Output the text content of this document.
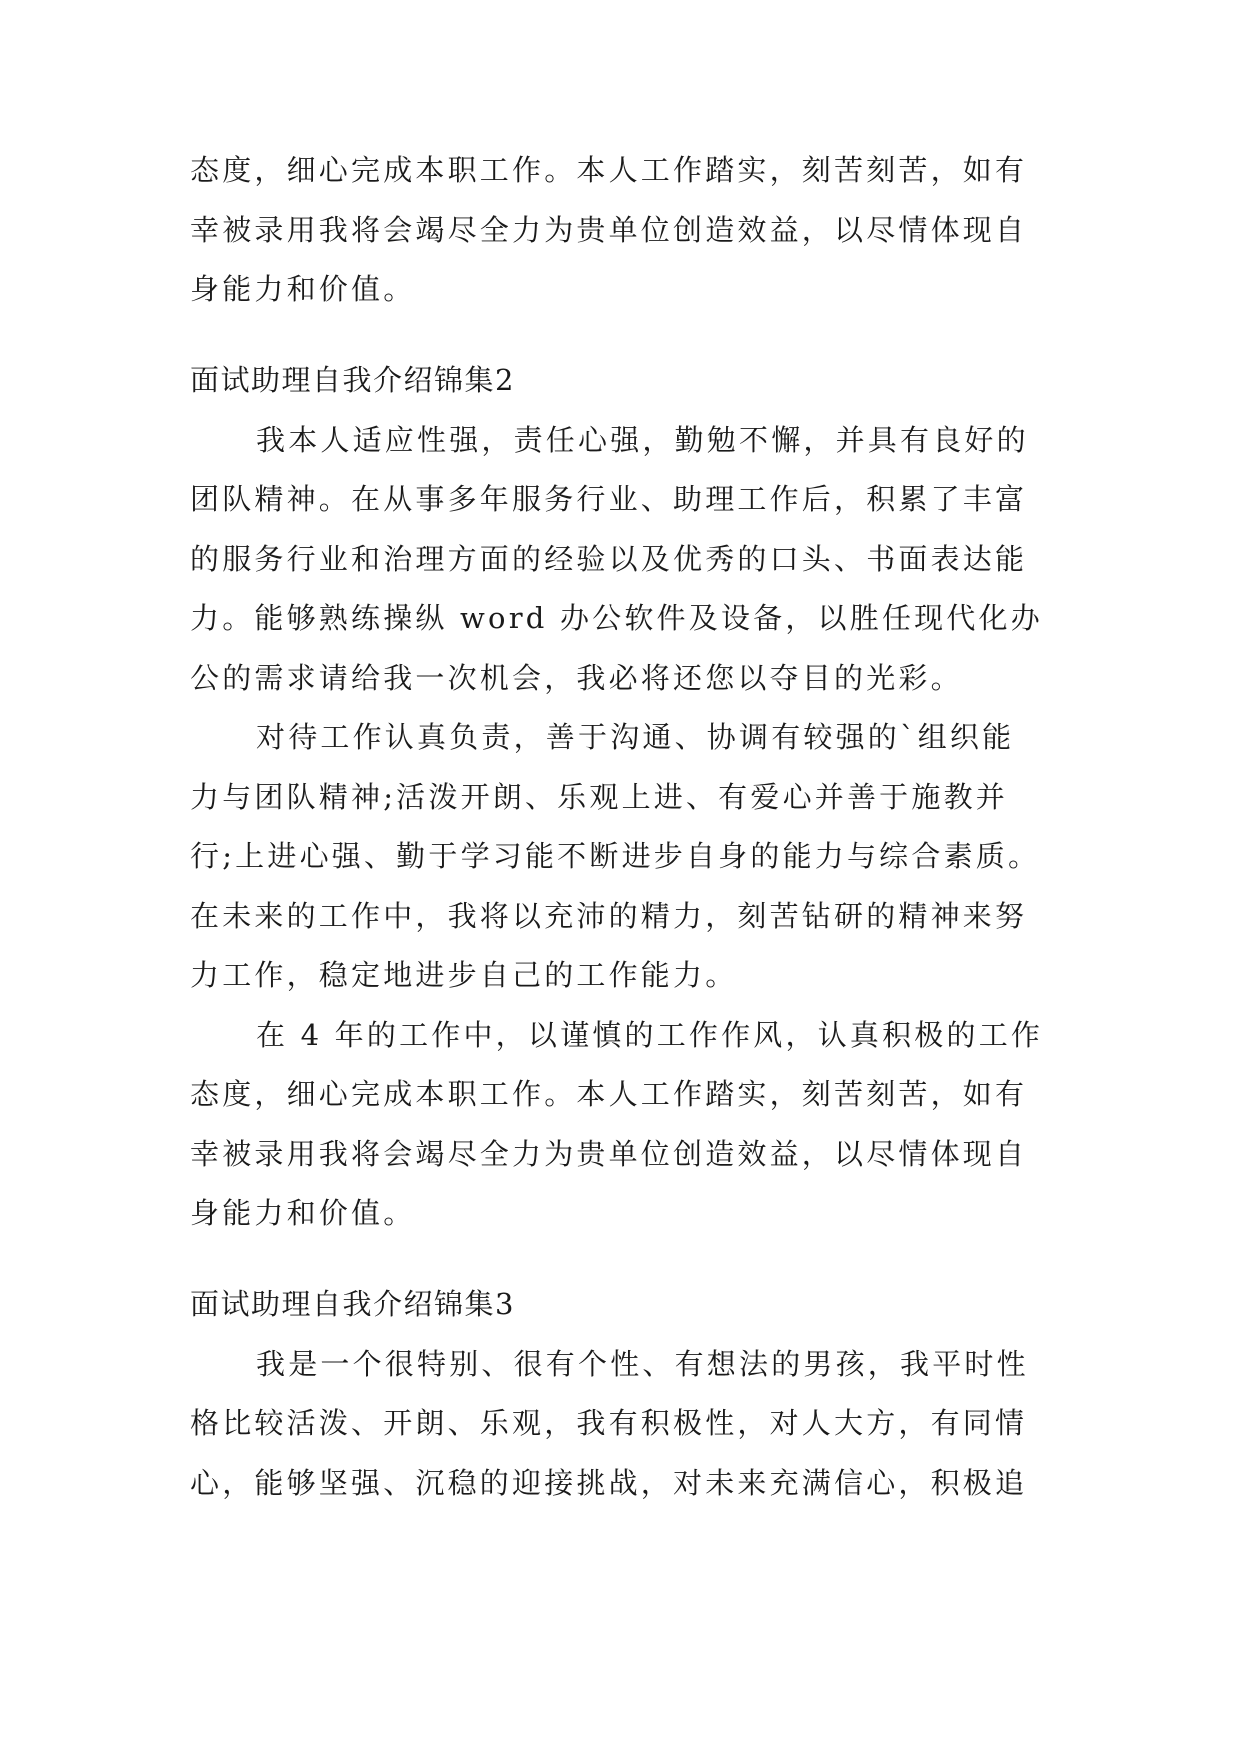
态度，细心完成本职工作。本人工作踏实，刻苦刻苦，如有
幸被录用我将会竭尽全力为贵单位创造效益，以尽情体现自
身能力和价值。
面试助理自我介绍锦集2
我本人适应性强，责任心强，勤勉不懈，并具有良好的
团队精神。在从事多年服务行业、助理工作后，积累了丰富
的服务行业和治理方面的经验以及优秀的口头、书面表达能
力。能够熟练操纵 word 办公软件及设备，以胜任现代化办
公的需求请给我一次机会，我必将还您以夺目的光彩。
对待工作认真负责，善于沟通、协调有较强的`组织能
力与团队精神;活泼开朗、乐观上进、有爱心并善于施教并
行;上进心强、勤于学习能不断进步自身的能力与综合素质。
在未来的工作中，我将以充沛的精力，刻苦钻研的精神来努
力工作，稳定地进步自己的工作能力。
在 4 年的工作中，以谨慎的工作作风，认真积极的工作
态度，细心完成本职工作。本人工作踏实，刻苦刻苦，如有
幸被录用我将会竭尽全力为贵单位创造效益，以尽情体现自
身能力和价值。
面试助理自我介绍锦集3
我是一个很特别、很有个性、有想法的男孩，我平时性
格比较活泼、开朗、乐观，我有积极性，对人大方，有同情
心，能够坚强、沉稳的迎接挑战，对未来充满信心，积极追
